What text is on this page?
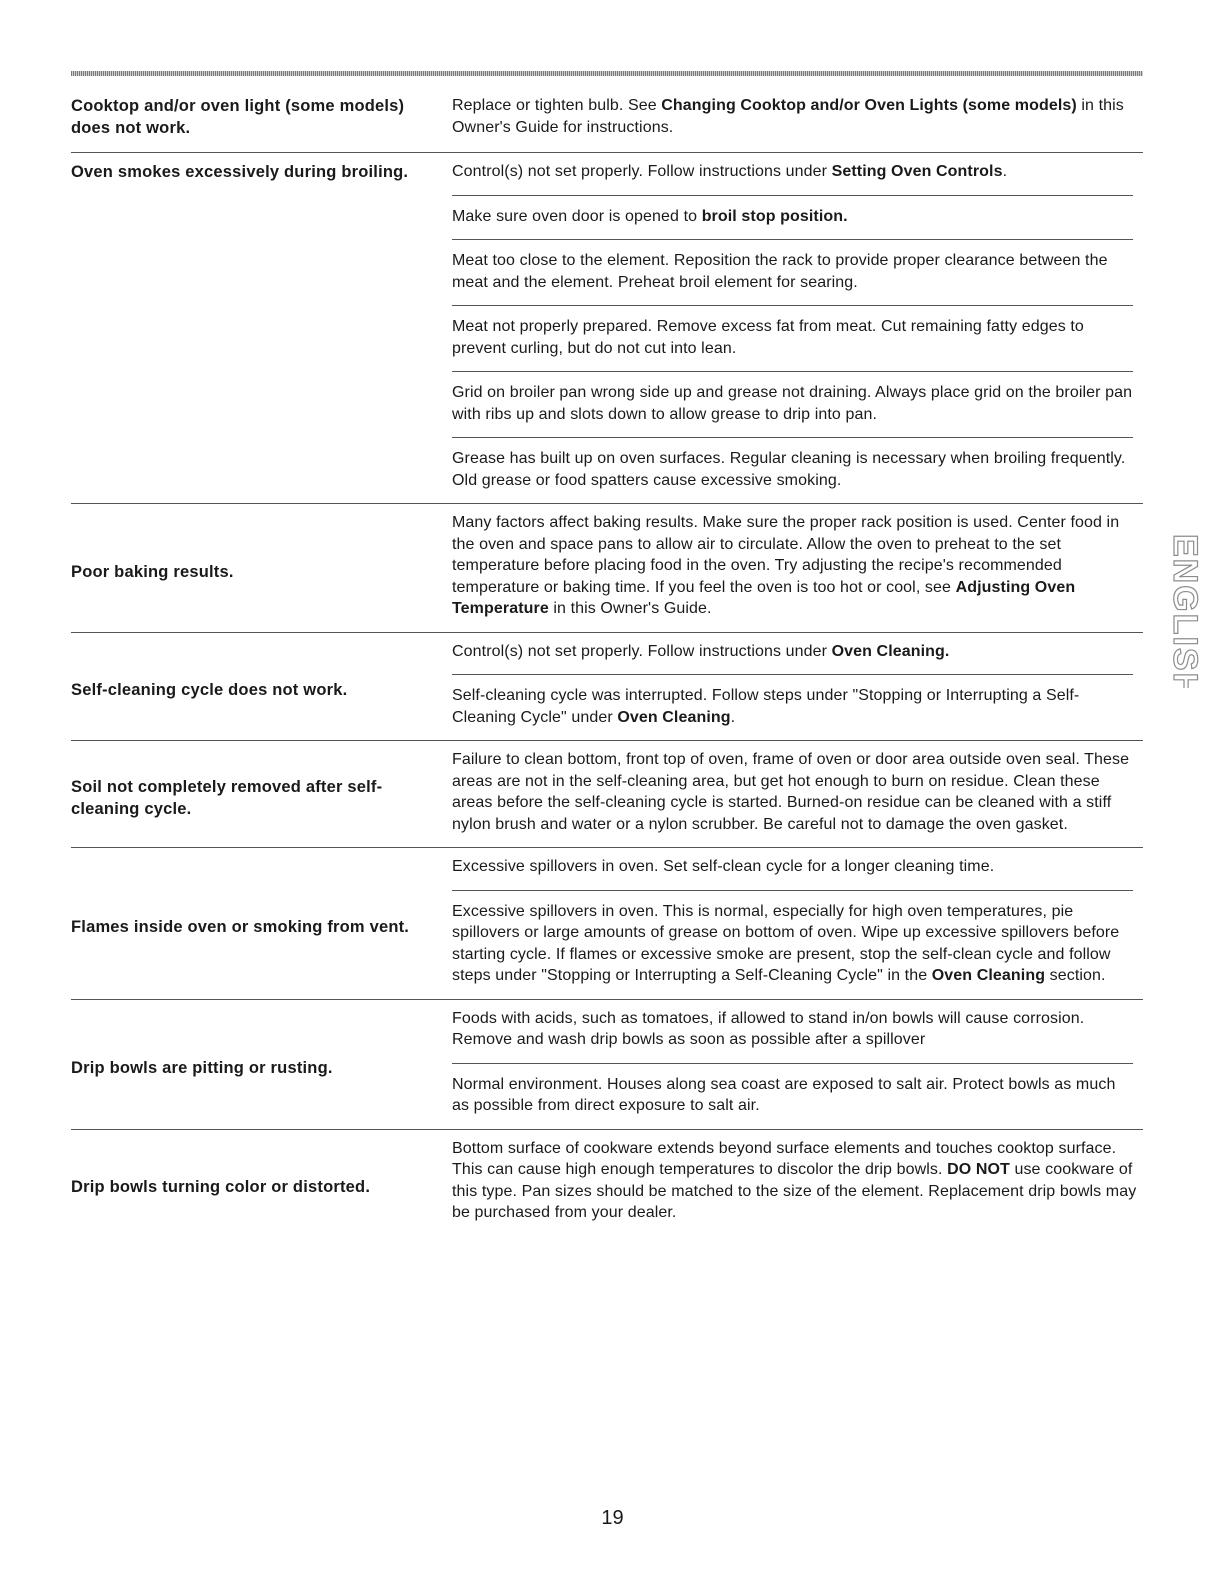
Cooktop and/or oven light (some models) does not work.
Replace or tighten bulb. See Changing Cooktop and/or Oven Lights (some models) in this Owner's Guide for instructions.
Oven smokes excessively during broiling.	Control(s) not set properly. Follow instructions under Setting Oven Controls.
Make sure oven door is opened to broil stop position.
Meat too close to the element. Reposition the rack to provide proper clearance between the meat and the element. Preheat broil element for searing.
Meat not properly prepared. Remove excess fat from meat. Cut remaining fatty edges to prevent curling, but do not cut into lean.
Grid on broiler pan wrong side up and grease not draining. Always place grid on the broiler pan with ribs up and slots down to allow grease to drip into pan.
Grease has built up on oven surfaces. Regular cleaning is necessary when broiling frequently. Old grease or food spatters cause excessive smoking.
Poor baking results.
Many factors affect baking results. Make sure the proper rack position is used. Center food in the oven and space pans to allow air to circulate. Allow the oven to preheat to the set temperature before placing food in the oven. Try adjusting the recipe's recommended temperature or baking time. If you feel the oven is too hot or cool, see Adjusting Oven Temperature in this Owner's Guide.
Self-cleaning cycle does not work.
Control(s) not set properly. Follow instructions under Oven Cleaning.
Self-cleaning cycle was interrupted. Follow steps under "Stopping or Interrupting a Self-Cleaning Cycle" under Oven Cleaning.
Soil not completely removed after self-cleaning cycle.
Failure to clean bottom, front top of oven, frame of oven or door area outside oven seal. These areas are not in the self-cleaning area, but get hot enough to burn on residue. Clean these areas before the self-cleaning cycle is started. Burned-on residue can be cleaned with a stiff nylon brush and water or a nylon scrubber. Be careful not to damage the oven gasket.
Flames inside oven or smoking from vent.
Excessive spillovers in oven. Set self-clean cycle for a longer cleaning time.
Excessive spillovers in oven. This is normal, especially for high oven temperatures, pie spillovers or large amounts of grease on bottom of oven. Wipe up excessive spillovers before starting cycle. If flames or excessive smoke are present, stop the self-clean cycle and follow steps under "Stopping or Interrupting a Self-Cleaning Cycle" in the Oven Cleaning section.
Drip bowls are pitting or rusting.
Foods with acids, such as tomatoes, if allowed to stand in/on bowls will cause corrosion. Remove and wash drip bowls as soon as possible after a spillover
Normal environment. Houses along sea coast are exposed to salt air. Protect bowls as much as possible from direct exposure to salt air.
Drip bowls turning color or distorted.
Bottom surface of cookware extends beyond surface elements and touches cooktop surface. This can cause high enough temperatures to discolor the drip bowls. DO NOT use cookware of this type. Pan sizes should be matched to the size of the element. Replacement drip bowls may be purchased from your dealer.
ENGLISH
19
